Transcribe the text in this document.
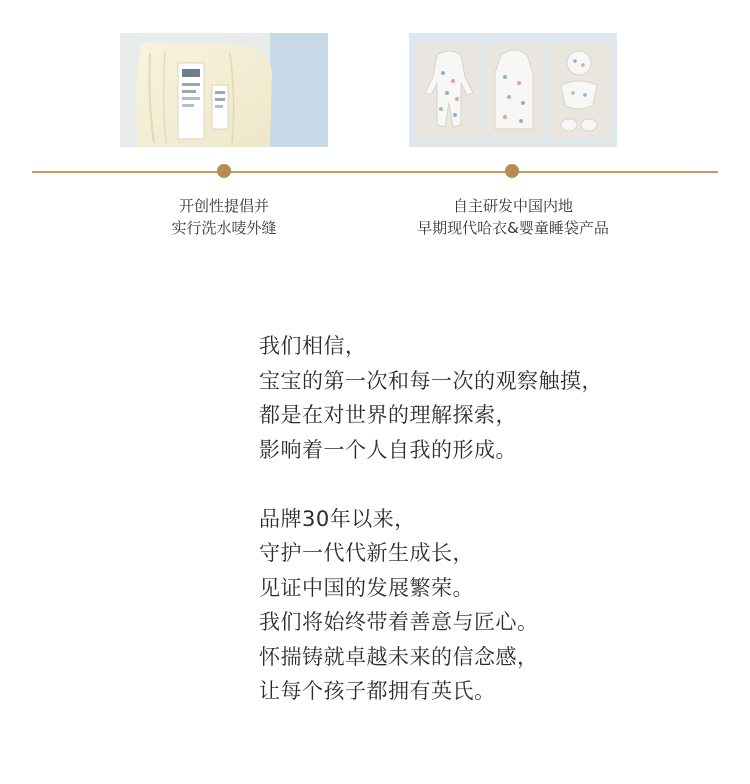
开创性提倡并
实行洗水唛外缝
自主研发中国内地
早期现代哈衣&婴童睡袋产品
我们相信，
宝宝的第一次和每一次的观察触摸，
都是在对世界的理解探索，
影响着一个人自我的形成。
品牌30年以来，
守护一代代新生成长，
见证中国的发展繁荣。
我们将始终带着善意与匠心。
怀揣铸就卓越未来的信念感，
让每个孩子都拥有英氏。
